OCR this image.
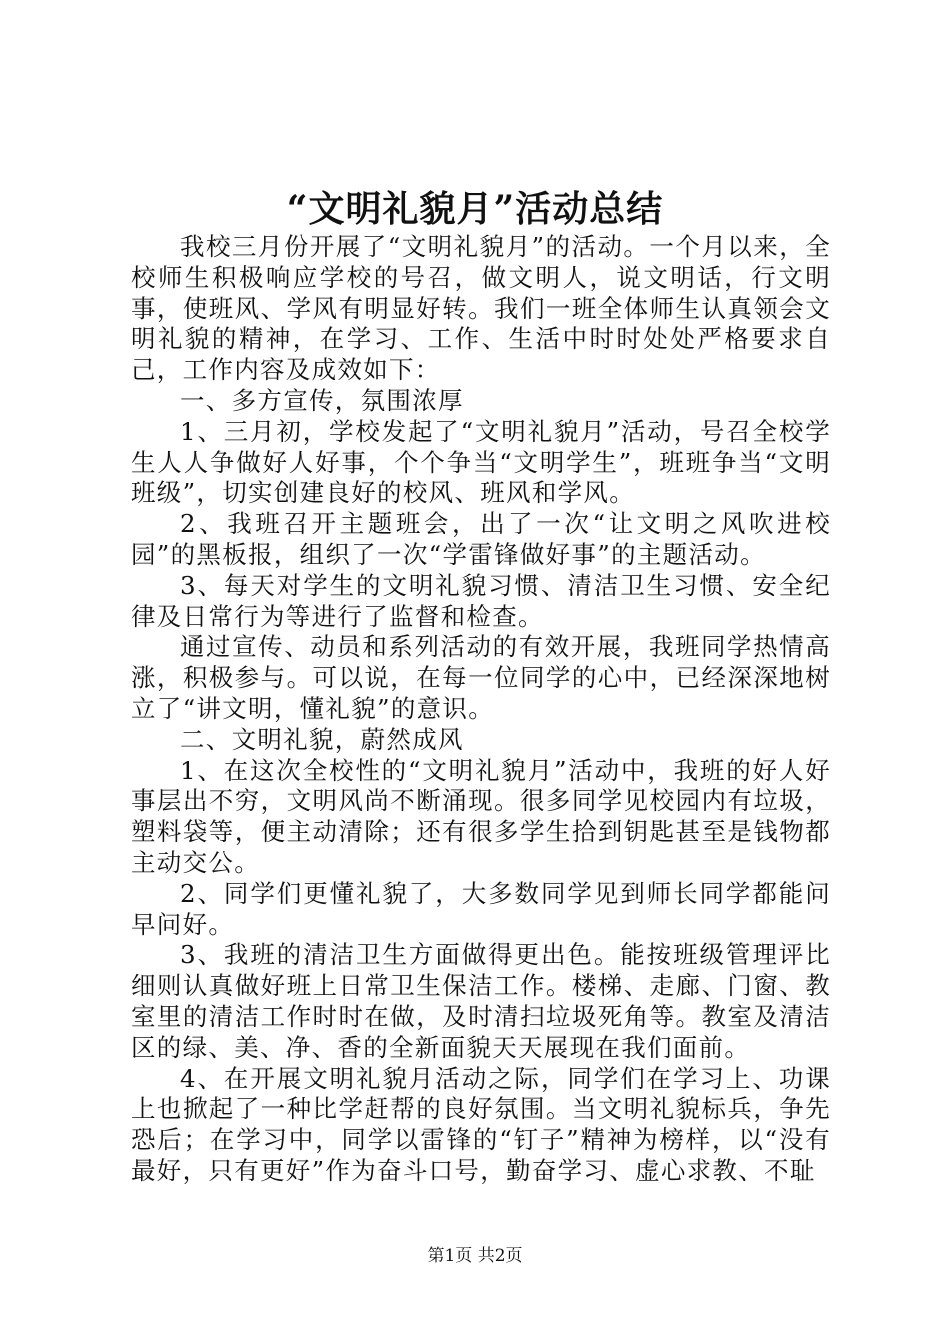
“文明礼貌月”活动总结

我校三月份开展了“文明礼貌月”的活动。一个月以来，全校师生积极响应学校的号召，做文明人，说文明话，行文明事，使班风、学风有明显好转。我们一班全体师生认真领会文明礼貌的精神，在学习、工作、生活中时时处处严格要求自己，工作内容及成效如下：

一、多方宣传，氛围浓厚

1、三月初，学校发起了“文明礼貌月”活动，号召全校学生人人争做好人好事，个个争当“文明学生”，班班争当“文明班级”，切实创建良好的校风、班风和学风。

2、我班召开主题班会，出了一次“让文明之风吹进校园”的黑板报，组织了一次“学雷锋做好事”的主题活动。

3、每天对学生的文明礼貌习惯、清洁卫生习惯、安全纪律及日常行为等进行了监督和检查。

通过宣传、动员和系列活动的有效开展，我班同学热情高涨，积极参与。可以说，在每一位同学的心中，已经深深地树立了“讲文明，懂礼貌”的意识。

二、文明礼貌，蔚然成风

1、在这次全校性的“文明礼貌月”活动中，我班的好人好事层出不穷，文明风尚不断涌现。很多同学见校园内有垃圾，塑料袋等，便主动清除；还有很多学生拾到钥匙甚至是钱物都主动交公。

2、同学们更懂礼貌了，大多数同学见到师长同学都能问早问好。

3、我班的清洁卫生方面做得更出色。能按班级管理评比细则认真做好班上日常卫生保洁工作。楼梯、走廊、门窗、教室里的清洁工作时时在做，及时清扫垃圾死角等。教室及清洁区的绿、美、净、香的全新面貌天天展现在我们面前。

4、在开展文明礼貌月活动之际，同学们在学习上、功课上也掀起了一种比学赶帮的良好氛围。当文明礼貌标兵，争先恐后；在学习中，同学以雷锋的“钉子”精神为榜样，以“没有最好，只有更好”作为奋斗口号，勤奋学习、虚心求教、不耻

第1页 共2页
